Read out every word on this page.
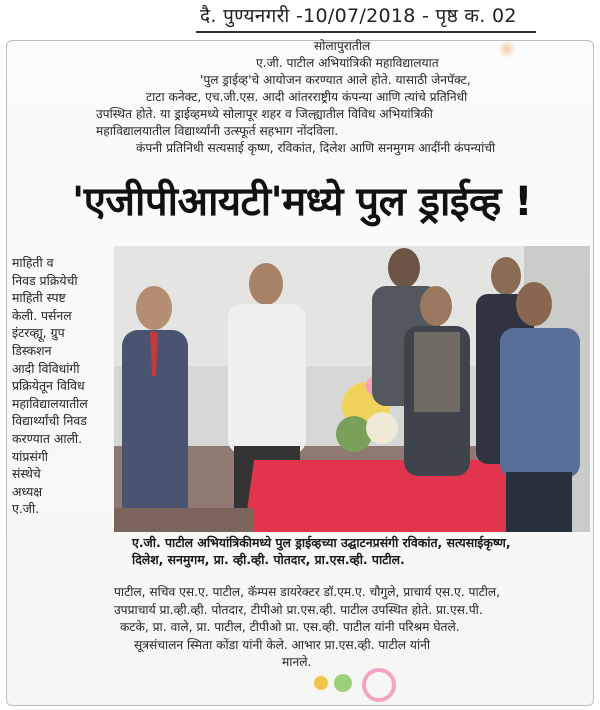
दै. पुण्यनगरी -10/07/2018 - पृष्ठ क. 02

सोलापुरातील

ए.जी. पाटील अभियांत्रिकी महाविद्यालयात

'पुल ड्राईव्ह'चे आयोजन करण्यात आले होते. यासाठी जेनपॅक्ट,

टाटा कनेक्ट, एच.जी.एस. आदी आंतरराष्ट्रीय कंपन्या आणि त्यांचे प्रतिनिधी

उपस्थित होते. या ड्राईव्हमध्ये सोलापूर शहर व जिल्ह्यातील विविध अभियांत्रिकी

महाविद्यालयातील विद्यार्थ्यांनी उत्स्फूर्त सहभाग नोंदविला.

कंपनी प्रतिनिधी सत्यसाई कृष्ण, रविकांत, दिलेश आणि सनमुगम आदींनी कंपन्यांची

'एजीपीआयटी'मध्ये पुल ड्राईव्ह !

माहिती व

निवड प्रक्रियेची

माहिती स्पष्ट

केली. पर्सनल

इंटरव्ह्यू, ग्रुप

डिस्कशन

आदी विविधांगी

प्रक्रियेतून विविध

महाविद्यालयातील

विद्यार्थ्यांची निवड

करण्यात आली.

यांप्रसंगी

संस्थेचे

अध्यक्ष

ए.जी.

ए.जी. पाटील अभियांत्रिकीमध्ये पुल ड्राईव्हच्या उद्घाटनप्रसंगी रविकांत, सत्यसाईकृष्ण,

दिलेश, सनमुगम, प्रा. व्ही.व्ही. पोतदार, प्रा.एस.व्ही. पाटील.

पाटील, सचिव एस.ए. पाटील, कॅम्पस डायरेक्टर डॉ.एम.ए. चौगुले, प्राचार्य एस.ए. पाटील,

उपप्राचार्य प्रा.व्ही.व्ही. पोतदार, टीपीओ प्रा.एस.व्ही. पाटील उपस्थित होते. प्रा.एस.पी.

कटके, प्रा. वाले, प्रा. पाटील, टीपीओ प्रा. एस.व्ही. पाटील यांनी परिश्रम घेतले.

सूत्रसंचालन स्मिता कोंडा यांनी केले. आभार प्रा.एस.व्ही. पाटील यांनी

मानले.
